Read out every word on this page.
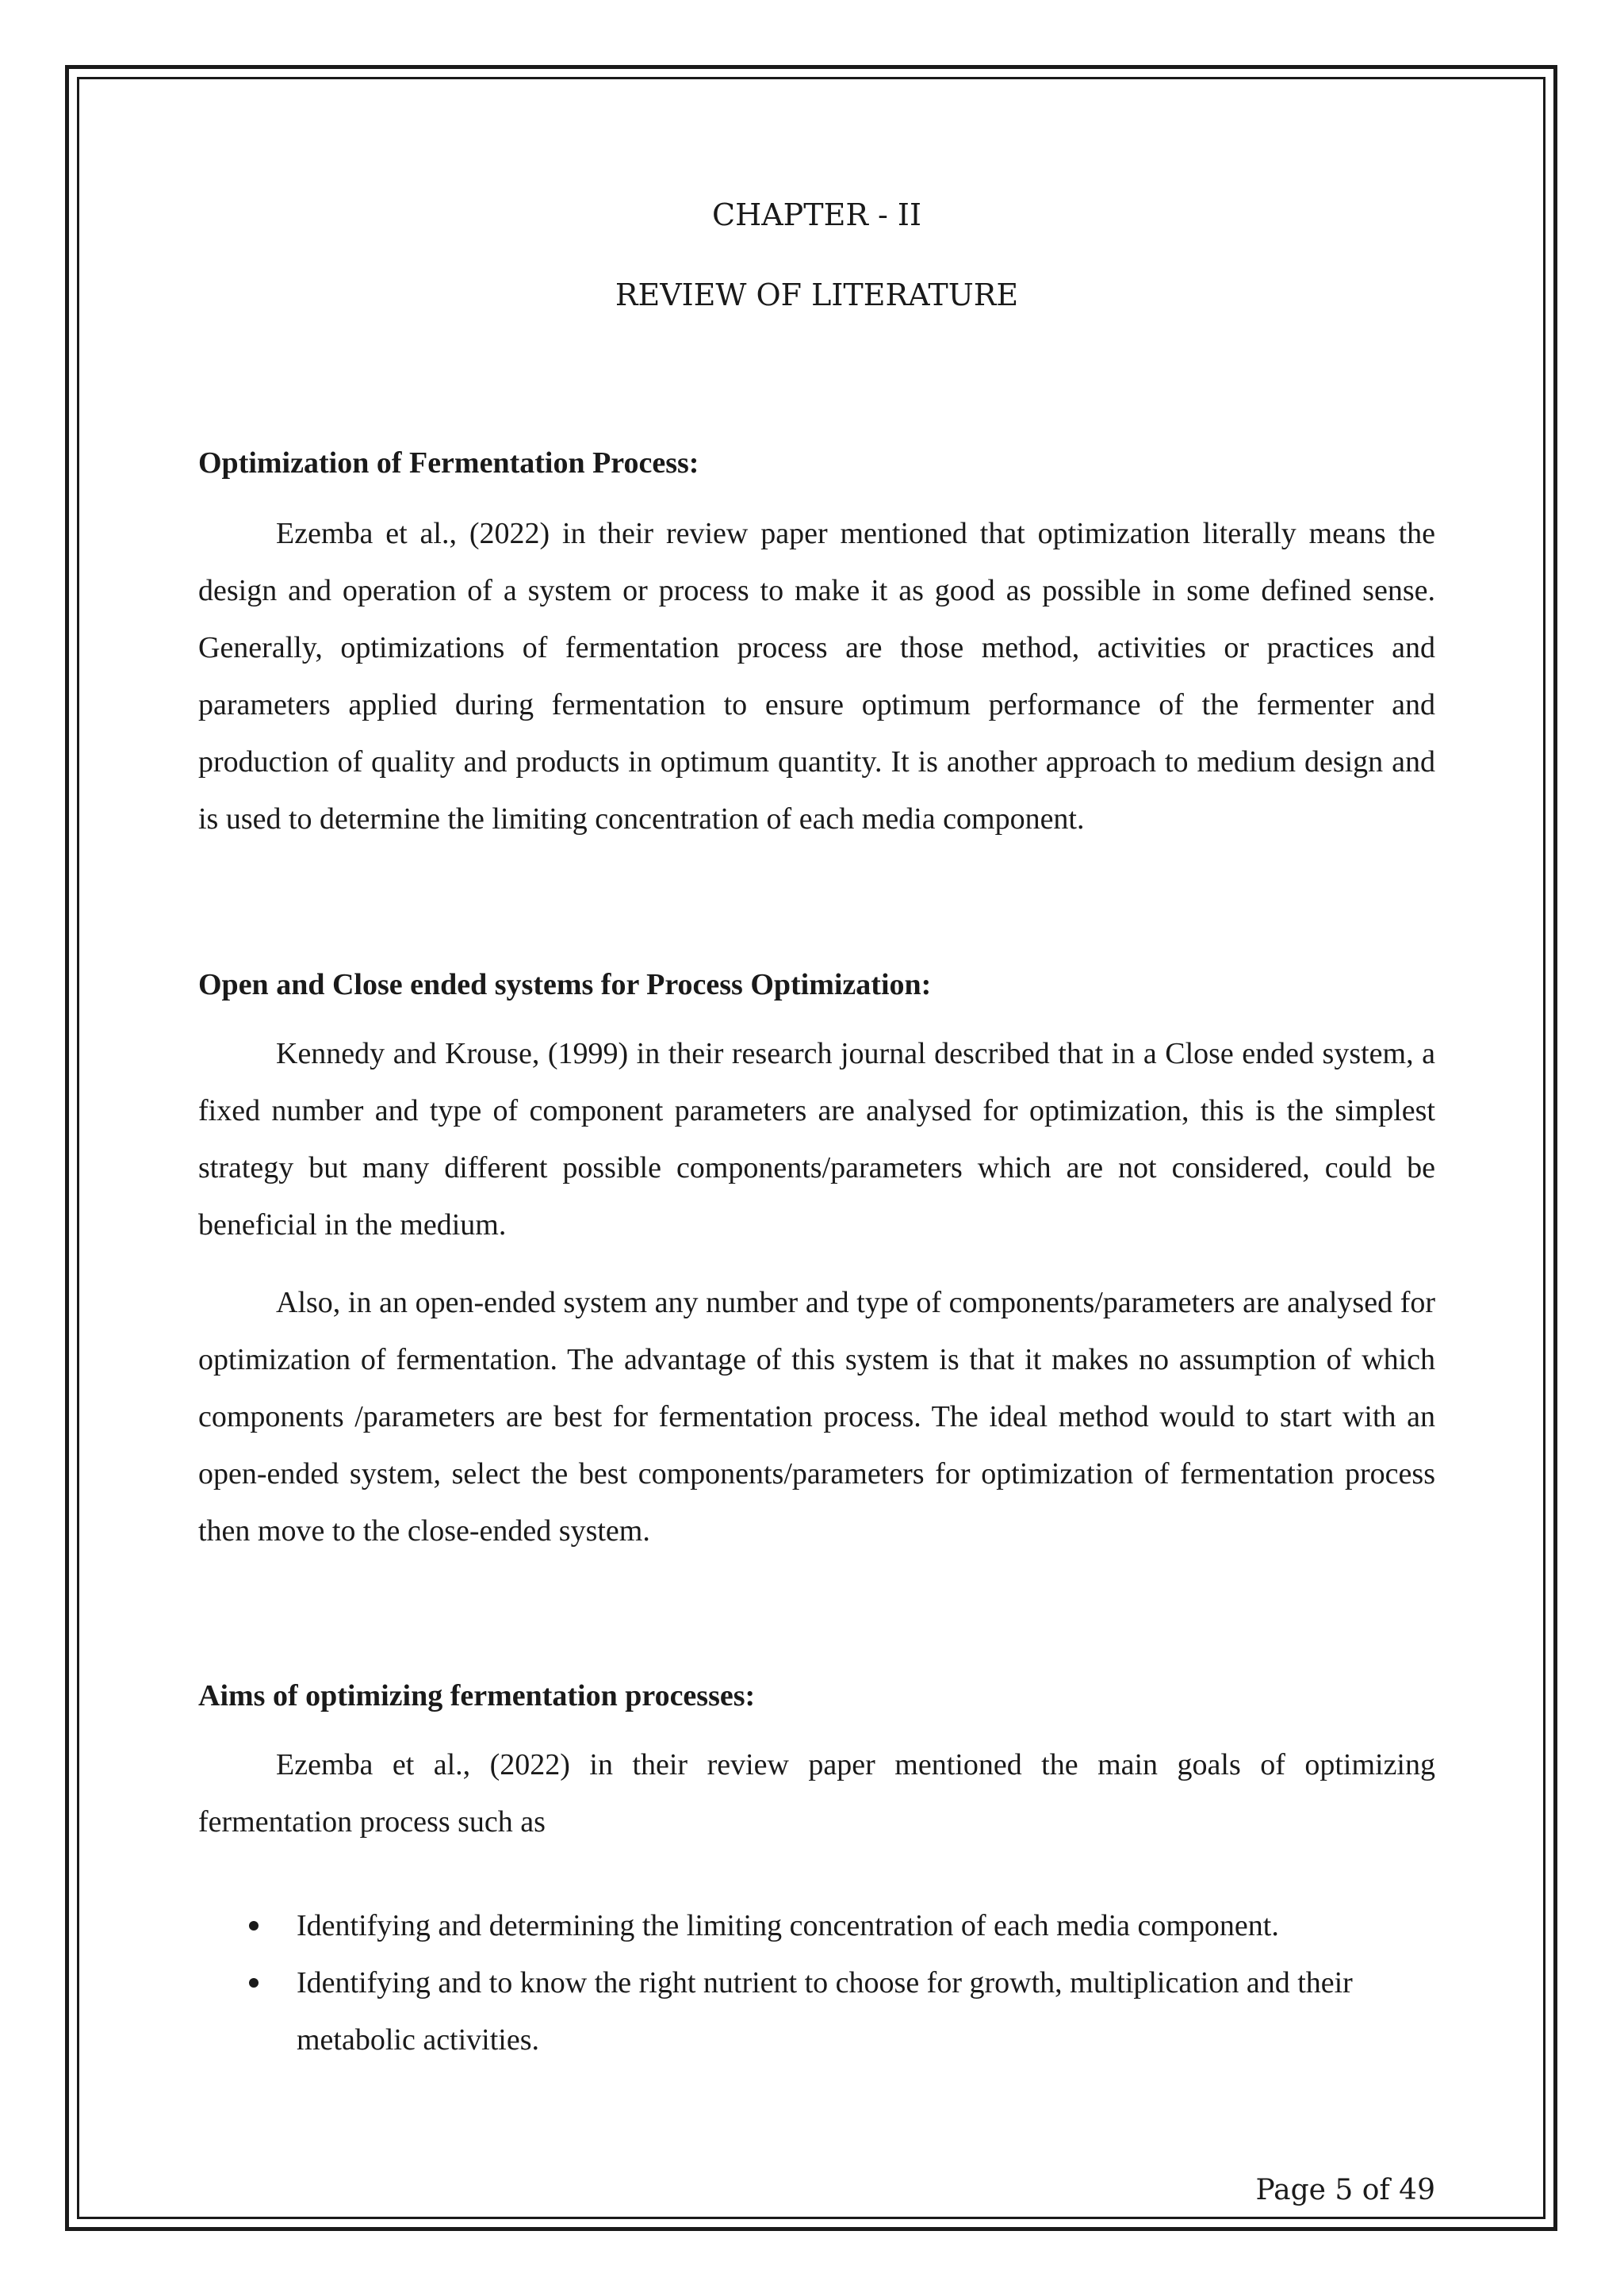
CHAPTER - II
REVIEW OF LITERATURE
Optimization of Fermentation Process:

Ezemba et al., (2022) in their review paper mentioned that optimization literally means the design and operation of a system or process to make it as good as possible in some defined sense. Generally, optimizations of fermentation process are those method, activities or practices and parameters applied during fermentation to ensure optimum performance of the fermenter and production of quality and products in optimum quantity. It is another approach to medium design and is used to determine the limiting concentration of each media component.

Open and Close ended systems for Process Optimization:

Kennedy and Krouse, (1999) in their research journal described that in a Close ended system, a fixed number and type of component parameters are analysed for optimization, this is the simplest strategy but many different possible components/parameters which are not considered, could be beneficial in the medium.

Also, in an open-ended system any number and type of components/parameters are analysed for optimization of fermentation. The advantage of this system is that it makes no assumption of which components /parameters are best for fermentation process. The ideal method would to start with an open-ended system, select the best components/parameters for optimization of fermentation process then move to the close-ended system.

Aims of optimizing fermentation processes:

Ezemba et al., (2022) in their review paper mentioned the main goals of optimizing fermentation process such as

Identifying and determining the limiting concentration of each media component.
Identifying and to know the right nutrient to choose for growth, multiplication and their metabolic activities.
Page 5 of 49
